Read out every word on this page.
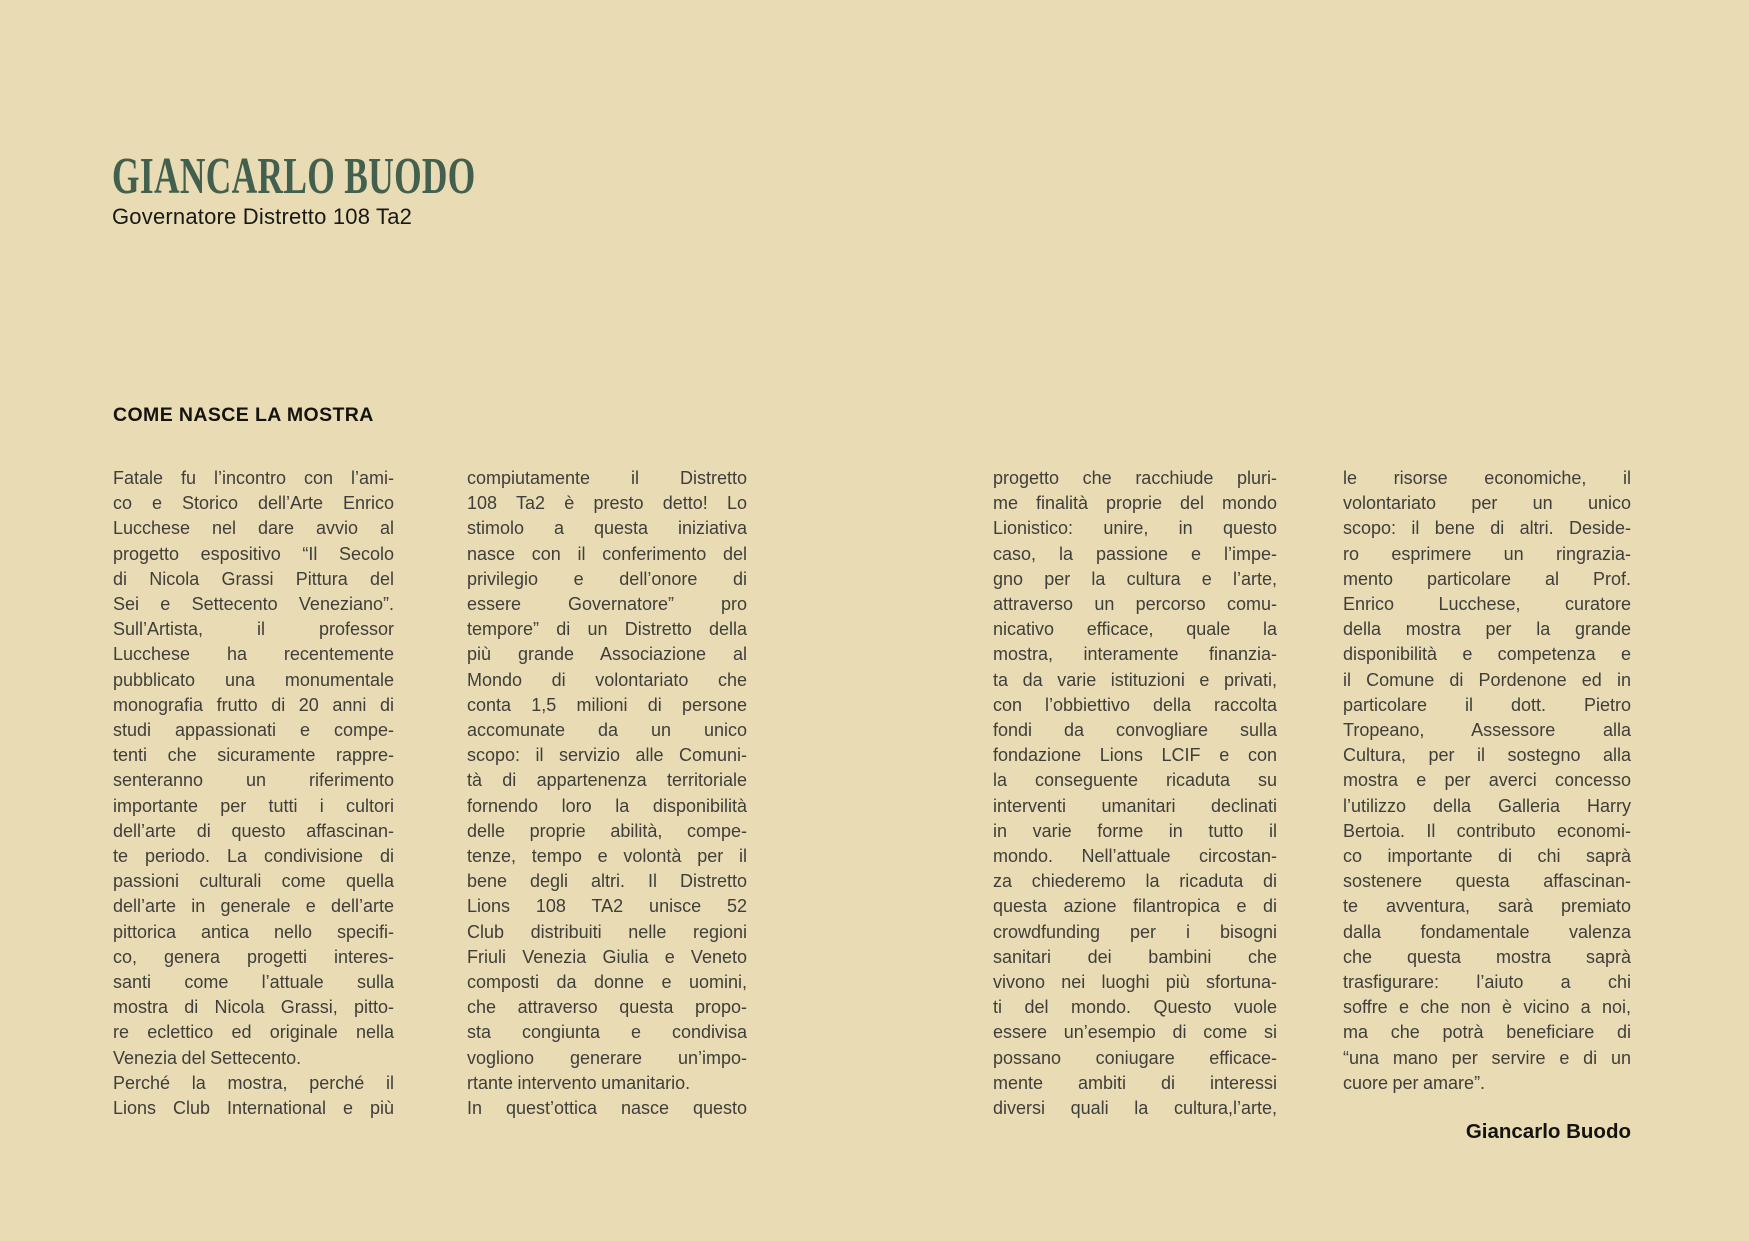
GIANCARLO BUODO
Governatore Distretto 108 Ta2
COME NASCE LA MOSTRA
Fatale fu l’incontro con l’ami-
co e Storico dell’Arte Enrico
Lucchese nel dare avvio al
progetto espositivo “Il Secolo
di Nicola Grassi Pittura del
Sei e Settecento Veneziano”.
Sull’Artista, il professor
Lucchese ha recentemente
pubblicato una monumentale
monografia frutto di 20 anni di
studi appassionati e compe-
tenti che sicuramente rappre-
senteranno un riferimento
importante per tutti i cultori
dell’arte di questo affascinan-
te periodo. La condivisione di
passioni culturali come quella
dell’arte in generale e dell’arte
pittorica antica nello specifi-
co, genera progetti interes-
santi come l’attuale sulla
mostra di Nicola Grassi, pitto-
re eclettico ed originale nella
Venezia del Settecento.
Perché la mostra, perché il
Lions Club International e più
compiutamente il Distretto
108 Ta2 è presto detto! Lo
stimolo a questa iniziativa
nasce con il conferimento del
privilegio e dell’onore di
essere Governatore” pro
tempore” di un Distretto della
più grande Associazione al
Mondo di volontariato che
conta 1,5 milioni di persone
accomunate da un unico
scopo: il servizio alle Comuni-
tà di appartenenza territoriale
fornendo loro la disponibilità
delle proprie abilità, compe-
tenze, tempo e volontà per il
bene degli altri. Il Distretto
Lions 108 TA2 unisce 52
Club distribuiti nelle regioni
Friuli Venezia Giulia e Veneto
composti da donne e uomini,
che attraverso questa propo-
sta congiunta e condivisa
vogliono generare un’impo-
rtante intervento umanitario.
In quest’ottica nasce questo
progetto che racchiude pluri-
me finalità proprie del mondo
Lionistico: unire, in questo
caso, la passione e l’impe-
gno per la cultura e l’arte,
attraverso un percorso comu-
nicativo efficace, quale la
mostra, interamente finanzia-
ta da varie istituzioni e privati,
con l’obbiettivo della raccolta
fondi da convogliare sulla
fondazione Lions LCIF e con
la conseguente ricaduta su
interventi umanitari declinati
in varie forme in tutto il
mondo. Nell’attuale circostan-
za chiederemo la ricaduta di
questa azione filantropica e di
crowdfunding per i bisogni
sanitari dei bambini che
vivono nei luoghi più sfortuna-
ti del mondo. Questo vuole
essere un’esempio di come si
possano coniugare efficace-
mente ambiti di interessi
diversi quali la cultura,l’arte,
le risorse economiche, il
volontariato per un unico
scopo: il bene di altri. Deside-
ro esprimere un ringrazia-
mento particolare al Prof.
Enrico Lucchese, curatore
della mostra per la grande
disponibilità e competenza e
il Comune di Pordenone ed in
particolare il dott. Pietro
Tropeano, Assessore alla
Cultura, per il sostegno alla
mostra e per averci concesso
l’utilizzo della Galleria Harry
Bertoia. Il contributo economi-
co importante di chi saprà
sostenere questa affascinan-
te avventura, sarà premiato
dalla fondamentale valenza
che questa mostra saprà
trasfigurare: l’aiuto a chi
soffre e che non è vicino a noi,
ma che potrà beneficiare di
“una mano per servire e di un
cuore per amare”.
Giancarlo Buodo
